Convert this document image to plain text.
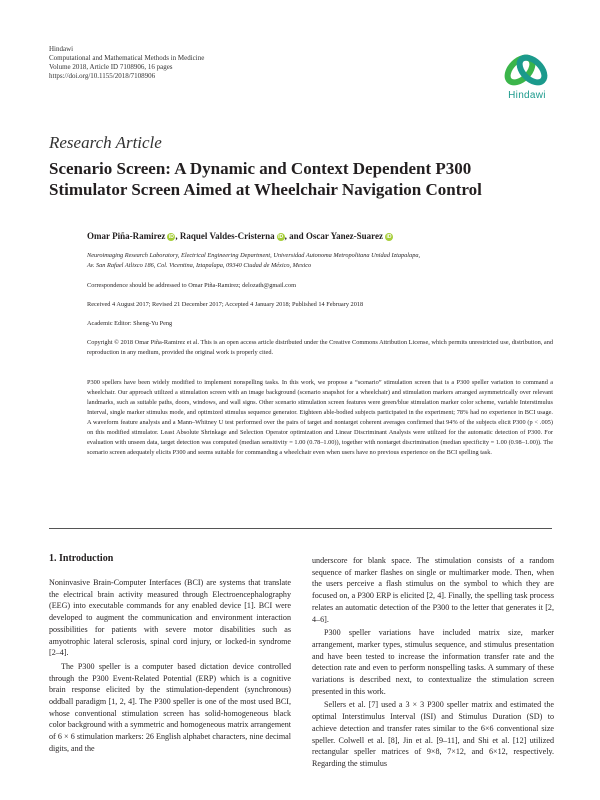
Hindawi
Computational and Mathematical Methods in Medicine
Volume 2018, Article ID 7108906, 16 pages
https://doi.org/10.1155/2018/7108906
Hindawi
Research Article
Scenario Screen: A Dynamic and Context Dependent P300 Stimulator Screen Aimed at Wheelchair Navigation Control
Omar Piña-Ramirez iD , Raquel Valdes-Cristerna iD , and Oscar Yanez-Suarez iD
Neuroimaging Research Laboratory, Electrical Engineering Department, Universidad Autonoma Metropolitana Unidad Iztapalapa,
Av. San Rafael Atlixco 186, Col. Vicentina, Iztapalapa, 09340 Ciudad de México, Mexico
Correspondence should be addressed to Omar Piña-Ramirez; delozath@gmail.com
Received 4 August 2017; Revised 21 December 2017; Accepted 4 January 2018; Published 14 February 2018
Academic Editor: Sheng-Yu Peng
Copyright © 2018 Omar Piña-Ramirez et al. This is an open access article distributed under the Creative Commons Attribution License, which permits unrestricted use, distribution, and reproduction in any medium, provided the original work is properly cited.
P300 spellers have been widely modified to implement nonspelling tasks. In this work, we propose a “scenario” stimulation screen that is a P300 speller variation to command a wheelchair. Our approach utilized a stimulation screen with an image background (scenario snapshot for a wheelchair) and stimulation markers arranged asymmetrically over relevant landmarks, such as suitable paths, doors, windows, and wall signs. Other scenario stimulation screen features were green/blue stimulation marker color scheme, variable Interstimulus Interval, single marker stimulus mode, and optimized stimulus sequence generator. Eighteen able-bodied subjects participated in the experiment; 78% had no experience in BCI usage. A waveform feature analysis and a Mann–Whitney U test performed over the pairs of target and nontarget coherent averages confirmed that 94% of the subjects elicit P300 (p < .005) on this modified stimulator. Least Absolute Shrinkage and Selection Operator optimization and Linear Discriminant Analysis were utilized for the automatic detection of P300. For evaluation with unseen data, target detection was computed (median sensitivity = 1.00 (0.78–1.00)), together with nontarget discrimination (median specificity = 1.00 (0.98–1.00)). The scenario screen adequately elicits P300 and seems suitable for commanding a wheelchair even when users have no previous experience on the BCI spelling task.
1. Introduction

Noninvasive Brain-Computer Interfaces (BCI) are systems that translate the electrical brain activity measured through Electroencephalography (EEG) into executable commands for any enabled device [1]. BCI were developed to augment the communication and environment interaction possibilities for patients with severe motor disabilities such as amyotrophic lateral sclerosis, spinal cord injury, or locked-in syndrome [2–4].

The P300 speller is a computer based dictation device controlled through the P300 Event-Related Potential (ERP) which is a cognitive brain response elicited by the stimulation-dependent (synchronous) oddball paradigm [1, 2, 4]. The P300 speller is one of the most used BCI, whose conventional stimulation screen has solid-homogeneous black color background with a symmetric and homogeneous matrix arrangement of 6 × 6 stimulation markers: 26 English alphabet characters, nine decimal digits, and the

underscore for blank space. The stimulation consists of a random sequence of marker flashes on single or multimarker mode. Then, when the users perceive a flash stimulus on the symbol to which they are focused on, a P300 ERP is elicited [2, 4]. Finally, the spelling task process relates an automatic detection of the P300 to the letter that generates it [2, 4–6].

P300 speller variations have included matrix size, marker arrangement, marker types, stimulus sequence, and stimulus presentation and have been tested to increase the information transfer rate and the detection rate and even to perform nonspelling tasks. A summary of these variations is described next, to contextualize the stimulation screen presented in this work.

Sellers et al. [7] used a 3 × 3 P300 speller matrix and estimated the optimal Interstimulus Interval (ISI) and Stimulus Duration (SD) to achieve detection and transfer rates similar to the 6×6 conventional size speller. Colwell et al. [8], Jin et al. [9–11], and Shi et al. [12] utilized rectangular speller matrices of 9×8, 7×12, and 6×12, respectively. Regarding the stimulus
